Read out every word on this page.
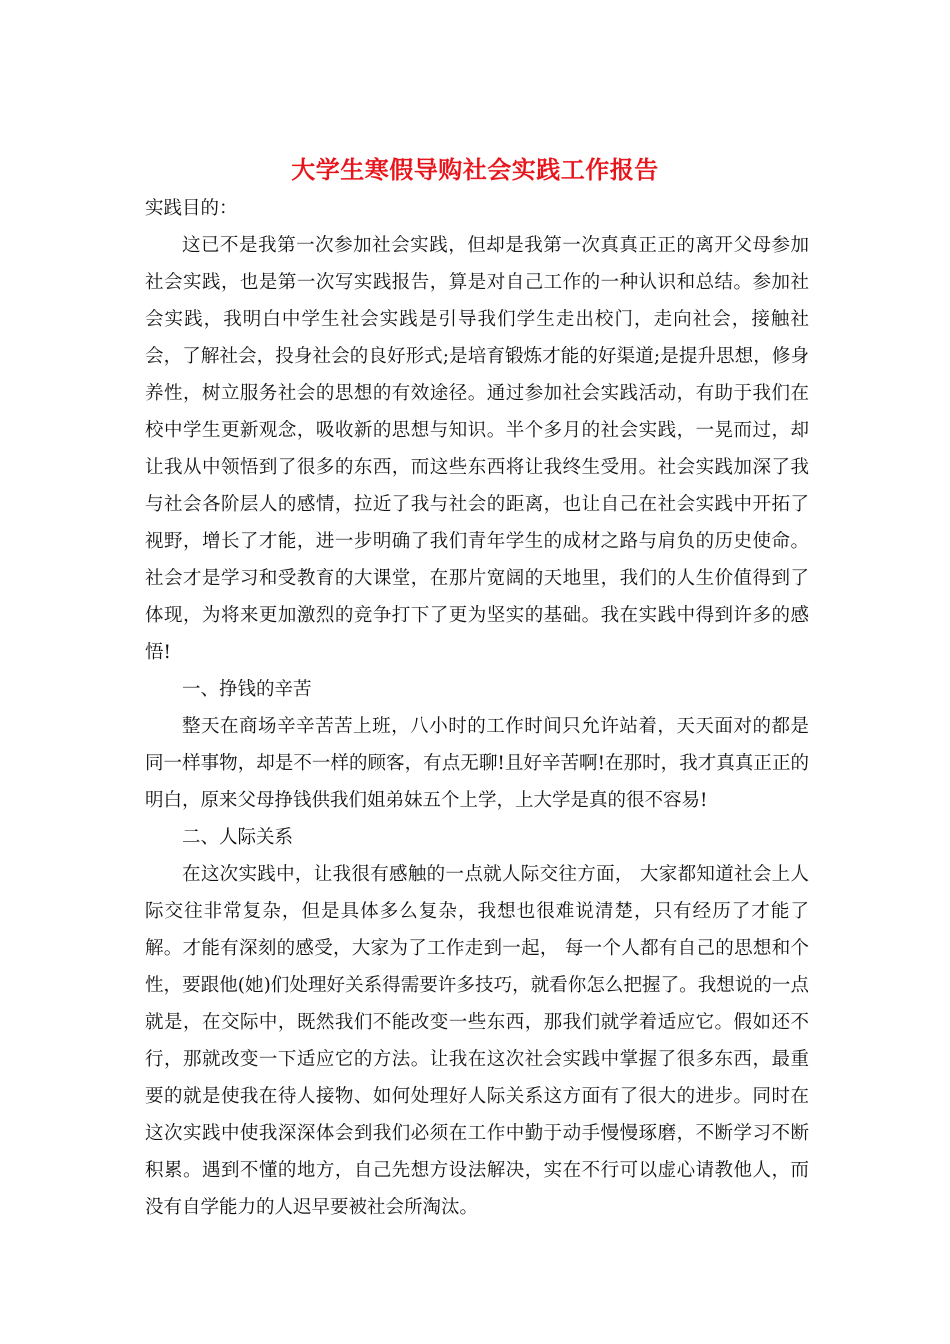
大学生寒假导购社会实践工作报告

实践目的：

这已不是我第一次参加社会实践，但却是我第一次真真正正的离开父母参加社会实践，也是第一次写实践报告，算是对自己工作的一种认识和总结。参加社会实践，我明白中学生社会实践是引导我们学生走出校门，走向社会，接触社会，了解社会，投身社会的良好形式;是培育锻炼才能的好渠道;是提升思想，修身养性，树立服务社会的思想的有效途径。通过参加社会实践活动，有助于我们在校中学生更新观念，吸收新的思想与知识。半个多月的社会实践，一晃而过，却让我从中领悟到了很多的东西，而这些东西将让我终生受用。社会实践加深了我与社会各阶层人的感情，拉近了我与社会的距离，也让自己在社会实践中开拓了视野，增长了才能，进一步明确了我们青年学生的成材之路与肩负的历史使命。社会才是学习和受教育的大课堂，在那片宽阔的天地里，我们的人生价值得到了体现，为将来更加激烈的竞争打下了更为坚实的基础。我在实践中得到许多的感悟!

一、挣钱的辛苦

整天在商场辛辛苦苦上班，八小时的工作时间只允许站着，天天面对的都是同一样事物，却是不一样的顾客，有点无聊!且好辛苦啊!在那时，我才真真正正的明白，原来父母挣钱供我们姐弟妹五个上学，上大学是真的很不容易!

二、人际关系

在这次实践中，让我很有感触的一点就人际交往方面， 大家都知道社会上人际交往非常复杂，但是具体多么复杂，我想也很难说清楚，只有经历了才能了解。才能有深刻的感受，大家为了工作走到一起， 每一个人都有自己的思想和个性，要跟他(她)们处理好关系得需要许多技巧，就看你怎么把握了。我想说的一点就是，在交际中，既然我们不能改变一些东西，那我们就学着适应它。假如还不行，那就改变一下适应它的方法。让我在这次社会实践中掌握了很多东西，最重要的就是使我在待人接物、如何处理好人际关系这方面有了很大的进步。同时在这次实践中使我深深体会到我们必须在工作中勤于动手慢慢琢磨，不断学习不断积累。遇到不懂的地方，自己先想方设法解决，实在不行可以虚心请教他人，而没有自学能力的人迟早要被社会所淘汰。
